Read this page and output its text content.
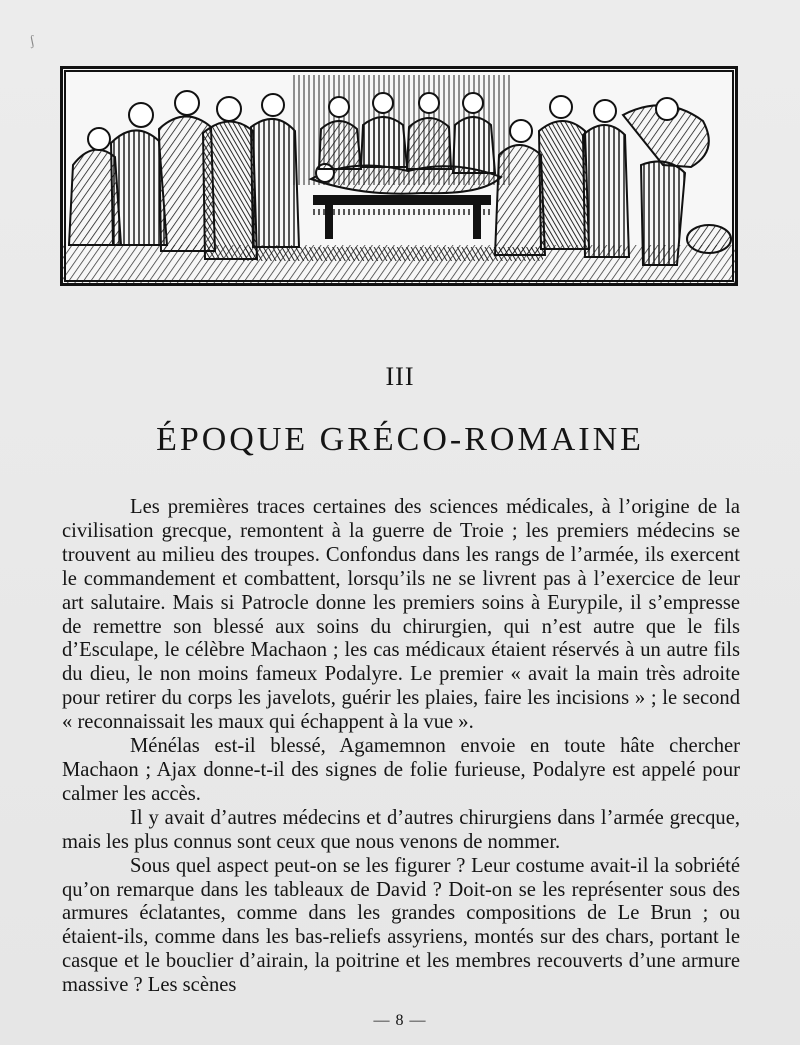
ʃ
III
ÉPOQUE GRÉCO-ROMAINE

Les premières traces certaines des sciences médicales, à l’origine de la civilisation grecque, remontent à la guerre de Troie ; les premiers médecins se trouvent au milieu des troupes. Confondus dans les rangs de l’armée, ils exercent le commandement et combattent, lorsqu’ils ne se livrent pas à l’exercice de leur art salutaire. Mais si Patrocle donne les premiers soins à Eurypile, il s’empresse de remettre son blessé aux soins du chirurgien, qui n’est autre que le fils d’Esculape, le célèbre Machaon ; les cas médicaux étaient réservés à un autre fils du dieu, le non moins fameux Podalyre. Le premier « avait la main très adroite pour retirer du corps les javelots, guérir les plaies, faire les incisions » ; le second « reconnaissait les maux qui échappent à la vue ».

Ménélas est-il blessé, Agamemnon envoie en toute hâte chercher Machaon ; Ajax donne-t-il des signes de folie furieuse, Podalyre est appelé pour calmer les accès.

Il y avait d’autres médecins et d’autres chirurgiens dans l’armée grecque, mais les plus connus sont ceux que nous venons de nommer.

Sous quel aspect peut-on se les figurer ? Leur costume avait-il la sobriété qu’on remarque dans les tableaux de David ? Doit-on se les représenter sous des armures éclatantes, comme dans les grandes compositions de Le Brun ; ou étaient-ils, comme dans les bas-reliefs assyriens, montés sur des chars, portant le casque et le bouclier d’airain, la poitrine et les membres recouverts d’une armure massive ? Les scènes

— 8 —
